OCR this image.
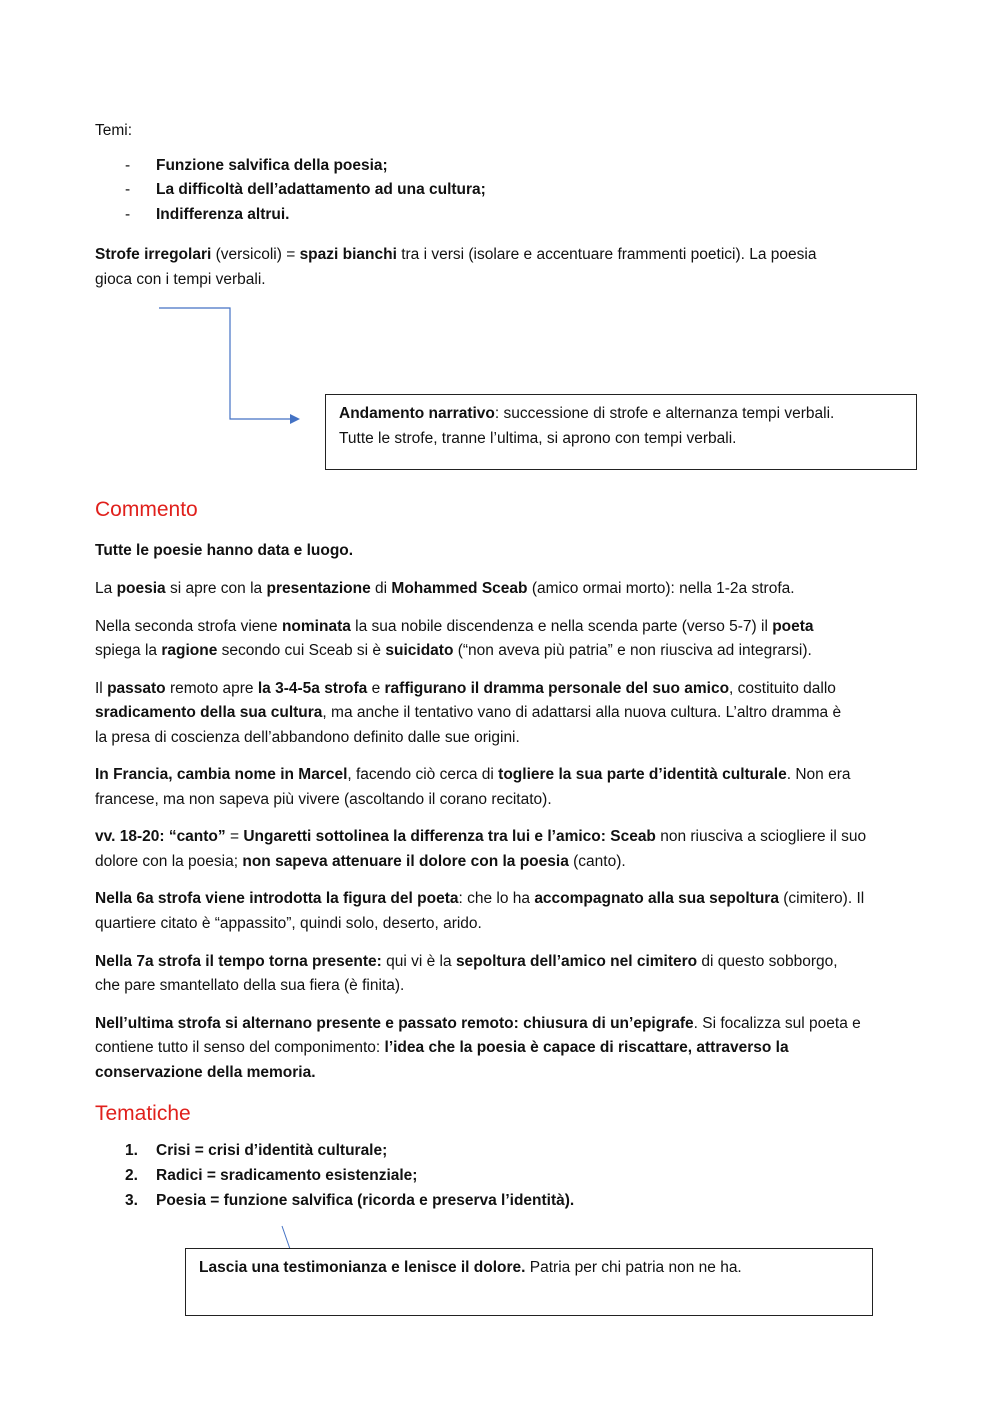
Temi:
-	Funzione salvifica della poesia;
-	La difficoltà dell’adattamento ad una cultura;
-	Indifferenza altrui.
Strofe irregolari (versicoli) = spazi bianchi tra i versi (isolare e accentuare frammenti poetici). La poesia
gioca con i tempi verbali.
Andamento narrativo: successione di strofe e alternanza tempi verbali.
Tutte le strofe, tranne l’ultima, si aprono con tempi verbali.
Commento
Tutte le poesie hanno data e luogo.
La poesia si apre con la presentazione di Mohammed Sceab (amico ormai morto): nella 1-2a strofa.
Nella seconda strofa viene nominata la sua nobile discendenza e nella scenda parte (verso 5-7) il poeta
spiega la ragione secondo cui Sceab si è suicidato (“non aveva più patria” e non riusciva ad integrarsi).
Il passato remoto apre la 3-4-5a strofa e raffigurano il dramma personale del suo amico, costituito dallo
sradicamento della sua cultura, ma anche il tentativo vano di adattarsi alla nuova cultura. L’altro dramma è
la presa di coscienza dell’abbandono definito dalle sue origini.
In Francia, cambia nome in Marcel, facendo ciò cerca di togliere la sua parte d’identità culturale. Non era
francese, ma non sapeva più vivere (ascoltando il corano recitato).
vv. 18-20: “canto” = Ungaretti sottolinea la differenza tra lui e l’amico: Sceab non riusciva a sciogliere il suo
dolore con la poesia; non sapeva attenuare il dolore con la poesia (canto).
Nella 6a strofa viene introdotta la figura del poeta: che lo ha accompagnato alla sua sepoltura (cimitero). Il
quartiere citato è “appassito”, quindi solo, deserto, arido.
Nella 7a strofa il tempo torna presente: qui vi è la sepoltura dell’amico nel cimitero di questo sobborgo,
che pare smantellato della sua fiera (è finita).
Nell’ultima strofa si alternano presente e passato remoto: chiusura di un’epigrafe. Si focalizza sul poeta e
contiene tutto il senso del componimento: l’idea che la poesia è capace di riscattare, attraverso la
conservazione della memoria.
Tematiche
1.	Crisi = crisi d’identità culturale;
2.	Radici = sradicamento esistenziale;
3.	Poesia = funzione salvifica (ricorda e preserva l’identità).
Lascia una testimonianza e lenisce il dolore. Patria per chi patria non ne ha.
